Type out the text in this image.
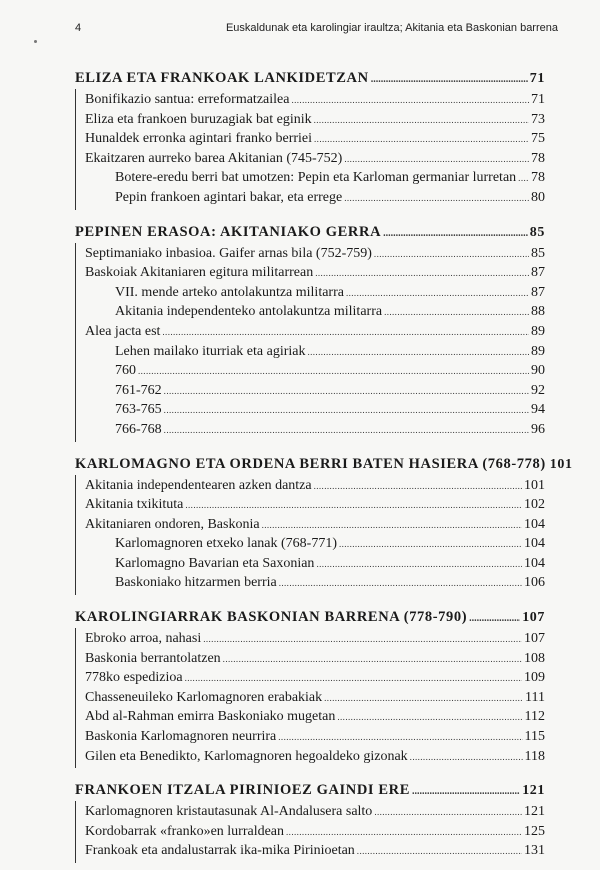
4	Euskaldunak eta karolingiar iraultza; Akitania eta Baskonian barrena
ELIZA ETA FRANKOAK LANKIDETZAN .....	71
Bonifikazio santua: erreformatzailea .....	71
Eliza eta frankoen buruzagiak bat eginik .....	73
Hunaldek erronka agintari franko berriei .....	75
Ekaitzaren aurreko barea Akitanian (745-752) .....	78
Botere-eredu berri bat umotzen: Pepin eta Karloman germaniar lurretan ..... 78
Pepin frankoen agintari bakar, eta errege .....	80
PEPINEN ERASOA: AKITANIAKO GERRA .....	85
Septimaniako inbasioa. Gaifer arnas bila (752-759) .....	85
Baskoiak Akitaniaren egitura militarrean .....	87
VII. mende arteko antolakuntza militarra .....	87
Akitania independenteko antolakuntza militarra .....	88
Alea jacta est .....	89
Lehen mailako iturriak eta agiriak .....	89
760 .....	90
761-762 .....	92
763-765 .....	94
766-768 .....	96
KARLOMAGNO ETA ORDENA BERRI BATEN HASIERA (768-778) 101
Akitania independentearen azken dantza .....	101
Akitania txikituta .....	102
Akitaniaren ondoren, Baskonia .....	104
Karlomagnoren etxeko lanak (768-771) .....	104
Karlomagno Bavarian eta Saxonian .....	104
Baskoniako hitzarmen berria .....	106
KAROLINGIARRAK BASKONIAN BARRENA (778-790) .....	107
Ebroko arroa, nahasi .....	107
Baskonia berrantolatzen .....	108
778ko espedizioa .....	109
Chasseneuileko Karlomagnoren erabakiak .....	111
Abd al-Rahman emirra Baskoniako mugetan .....	112
Baskonia Karlomagnoren neurrira .....	115
Gilen eta Benedikto, Karlomagnoren hegoaldeko gizonak .....	118
FRANKOEN ITZALA PIRINIOEZ GAINDI ERE .....	121
Karlomagnoren kristautasunak Al-Andalusera salto .....	121
Kordobarrak «franko»en lurraldean .....	125
Frankoak eta andalustarrak ika-mika Pirinioetan .....	131
